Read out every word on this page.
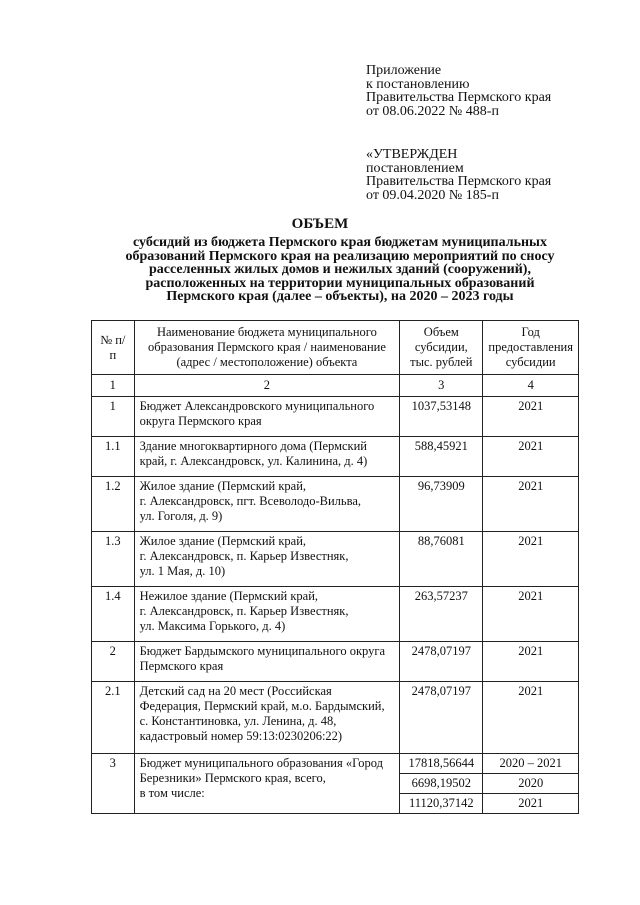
Приложение
к постановлению
Правительства Пермского края
от 08.06.2022 № 488-п
«УТВЕРЖДЕН
постановлением
Правительства Пермского края
от 09.04.2020 № 185-п
ОБЪЕМ
субсидий из бюджета Пермского края бюджетам муниципальных
образований Пермского края на реализацию мероприятий по сносу
расселенных жилых домов и нежилых зданий (сооружений),
расположенных на территории муниципальных образований
Пермского края (далее – объекты), на 2020 – 2023 годы
№ п/п	Наименование бюджета муниципального
образования Пермского края / наименование
(адрес / местоположение) объекта	Объем
субсидии,
тыс. рублей	Год
предоставления
субсидии

1	2	3	4
1	Бюджет Александровского муниципального
округа Пермского края	1037,53148	2021
1.1	Здание многоквартирного дома (Пермский
край, г. Александровск, ул. Калинина, д. 4)	588,45921	2021
1.2	Жилое здание (Пермский край,
г. Александровск, пгт. Всеволодо-Вильва,
ул. Гоголя, д. 9)	96,73909	2021
1.3	Жилое здание (Пермский край,
г. Александровск, п. Карьер Известняк,
ул. 1 Мая, д. 10)	88,76081	2021
1.4	Нежилое здание (Пермский край,
г. Александровск, п. Карьер Известняк,
ул. Максима Горького, д. 4)	263,57237	2021
2	Бюджет Бардымского муниципального округа
Пермского края	2478,07197	2021
2.1	Детский сад на 20 мест (Российская
Федерация, Пермский край, м.о. Бардымский,
с. Константиновка, ул. Ленина, д. 48,
кадастровый номер 59:13:0230206:22)	2478,07197	2021
3	Бюджет муниципального образования «Город
Березники» Пермского края, всего,
в том числе:	17818,56644	2020 – 2021
		6698,19502	2020
		11120,37142	2021
